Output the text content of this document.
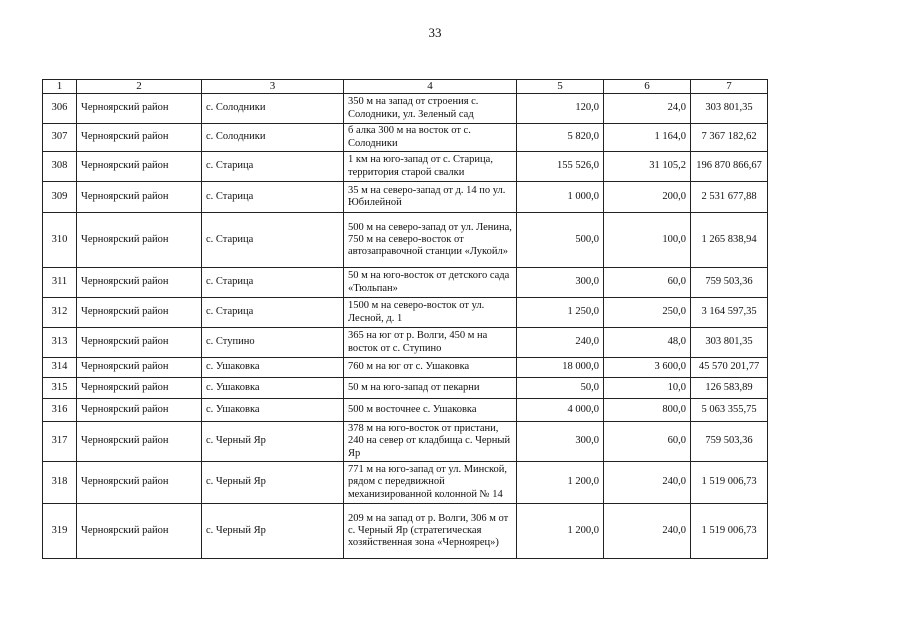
33
1	2	3	4	5	6	7
306	Черноярский район	с. Солодники	350 м на запад от строения с. Солодники, ул. Зеленый сад	120,0	24,0	303 801,35
307	Черноярский район	с. Солодники	б алка 300 м на восток от с. Солодники	5 820,0	1 164,0	7 367 182,62
308	Черноярский район	с. Старица	1 км на юго-запад от с. Старица, территория старой свалки	155 526,0	31 105,2	196 870 866,67
309	Черноярский район	с. Старица	35 м на северо-запад от д. 14 по ул. Юбилейной	1 000,0	200,0	2 531 677,88
310	Черноярский район	с. Старица	500 м на северо-запад от ул. Ленина, 750 м на северо-восток от автозаправочной станции «Лукойл»	500,0	100,0	1 265 838,94
311	Черноярский район	с. Старица	50 м на юго-восток от детского сада «Тюльпан»	300,0	60,0	759 503,36
312	Черноярский район	с. Старица	1500 м на северо-восток от ул. Лесной, д. 1	1 250,0	250,0	3 164 597,35
313	Черноярский район	с. Ступино	365 на юг от р. Волги, 450 м на восток от с. Ступино	240,0	48,0	303 801,35
314	Черноярский район	с. Ушаковка	760 м на юг от с. Ушаковка	18 000,0	3 600,0	45 570 201,77
315	Черноярский район	с. Ушаковка	50 м на юго-запад от пекарни	50,0	10,0	126 583,89
316	Черноярский район	с. Ушаковка	500 м восточнее с. Ушаковка	4 000,0	800,0	5 063 355,75
317	Черноярский район	с. Черный Яр	378 м на юго-восток от пристани, 240 на север от кладбища с. Черный Яр	300,0	60,0	759 503,36
318	Черноярский район	с. Черный Яр	771 м на юго-запад от ул. Минской, рядом с передвижной механизированной колонной № 14	1 200,0	240,0	1 519 006,73
319	Черноярский район	с. Черный Яр	209 м на запад от р. Волги, 306 м от с. Черный Яр (стратегическая хозяйственная зона «Черноярец»)	1 200,0	240,0	1 519 006,73
